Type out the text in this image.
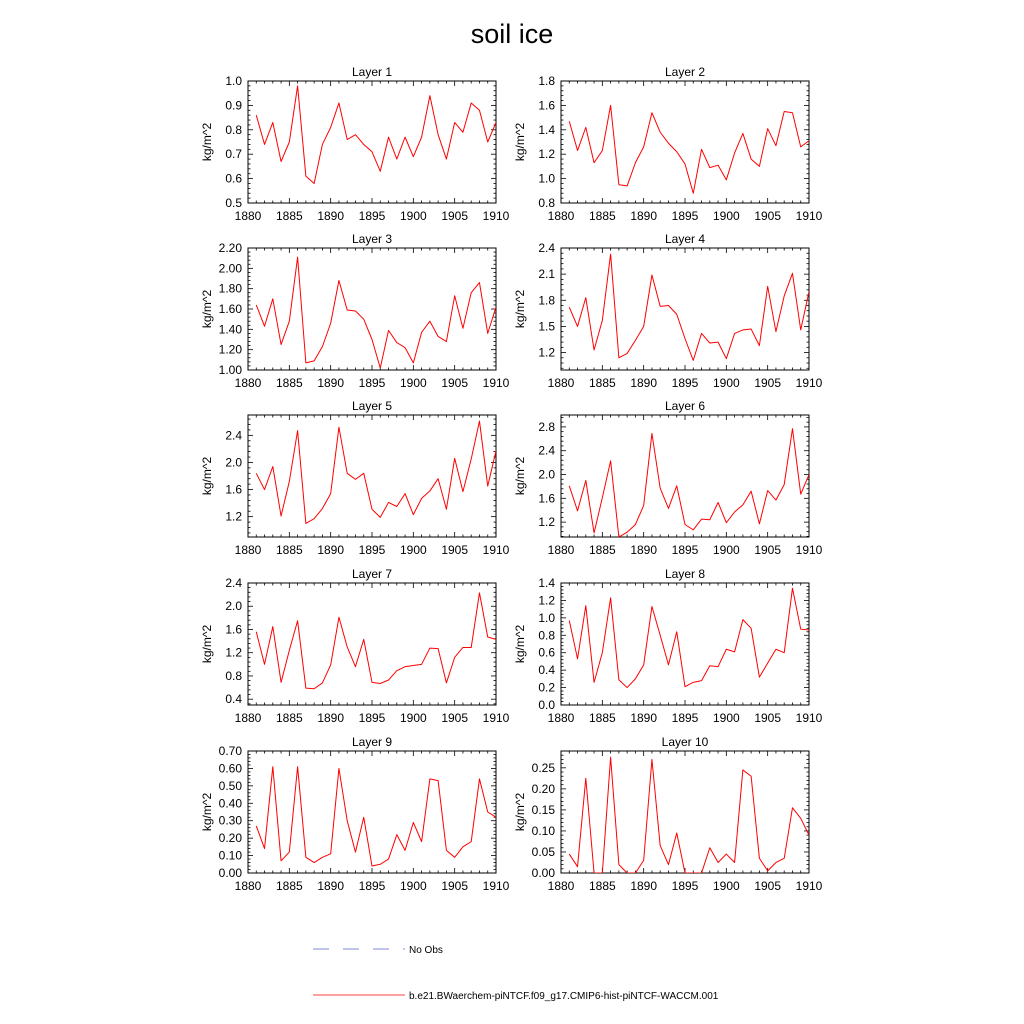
soil ice
Layer 1
1880 1885 1890 1895 1900 1905 1910
0.5
0.6
0.7
0.8
0.9
1.0
kg/m^2
Layer 2
1880 1885 1890 1895 1900 1905 1910
0.8
1.0
1.2
1.4
1.6
1.8
kg/m^2
Layer 3
1880 1885 1890 1895 1900 1905 1910
1.00
1.20
1.40
1.60
1.80
2.00
2.20
kg/m^2
Layer 4
1880 1885 1890 1895 1900 1905 1910
1.2
1.5
1.8
2.1
2.4
kg/m^2
Layer 5
1880 1885 1890 1895 1900 1905 1910
1.2
1.6
2.0
2.4
kg/m^2
Layer 6
1880 1885 1890 1895 1900 1905 1910
1.2
1.6
2.0
2.4
2.8
kg/m^2
Layer 7
1880 1885 1890 1895 1900 1905 1910
0.4
0.8
1.2
1.6
2.0
2.4
kg/m^2
Layer 8
1880 1885 1890 1895 1900 1905 1910
0.0
0.2
0.4
0.6
0.8
1.0
1.2
1.4
kg/m^2
Layer 9
1880 1885 1890 1895 1900 1905 1910
0.00
0.10
0.20
0.30
0.40
0.50
0.60
0.70
kg/m^2
Layer 10
1880 1885 1890 1895 1900 1905 1910
0.00
0.05
0.10
0.15
0.20
0.25
kg/m^2
No Obs
b.e21.BWaerchem-piNTCF.f09_g17.CMIP6-hist-piNTCF-WACCM.001
